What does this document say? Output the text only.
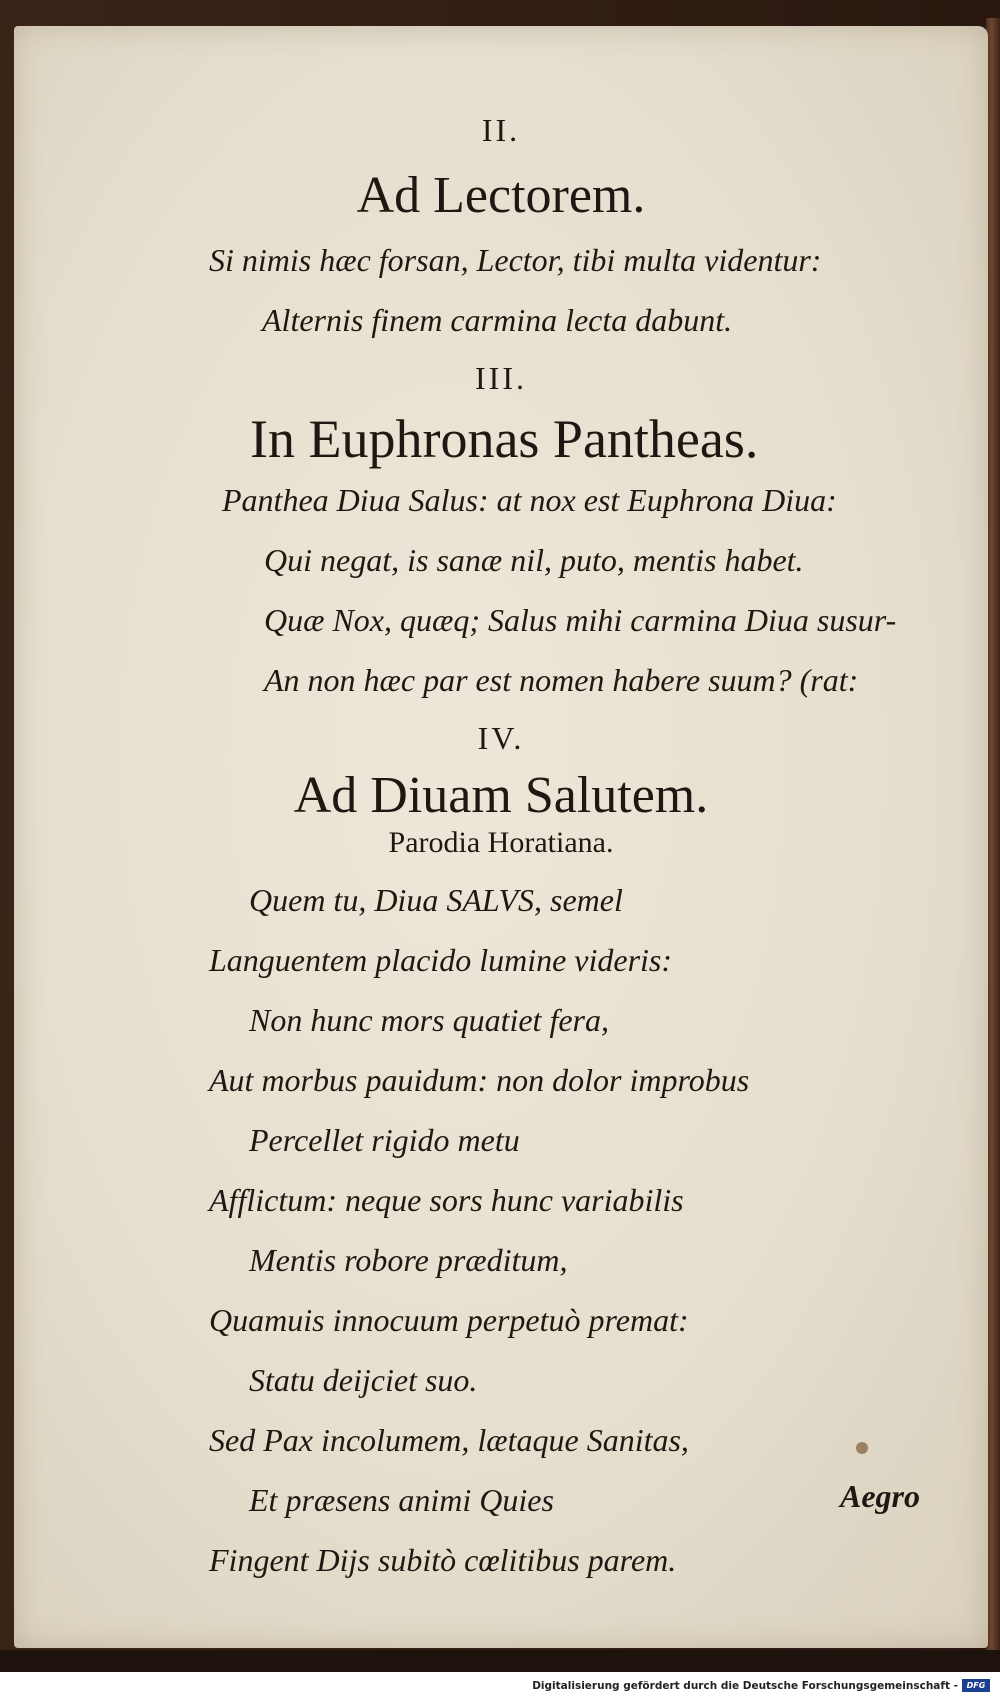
II.
Ad Lectorem.
Si nimis hæc forsan, Lector, tibi multa videntur:
Alternis finem carmina lecta dabunt.
III.
In Euphronas Pantheas.
Panthea Diua Salus: at nox est Euphrona Diua:
Qui negat, is sanæ nil, puto, mentis habet.
Quæ Nox, quæq; Salus mihi carmina Diua susur-
An non hæc par est nomen habere suum? (rat:
IV.
Ad Diuam Salutem.
Parodia Horatiana.
Quem tu, Diua SALVS, semel
Languentem placido lumine videris:
Non hunc mors quatiet fera,
Aut morbus pauidum: non dolor improbus
Percellet rigido metu
Afflictum: neque sors hunc variabilis
Mentis robore præditum,
Quamuis innocuum perpetuò premat:
Statu deijciet suo.
Sed Pax incolumem, lætaque Sanitas,
Et præsens animi Quies
Fingent Dijs subitò cœlitibus parem.
Aegro
Digitalisierung gefördert durch die Deutsche Forschungsgemeinschaft -	DFG
